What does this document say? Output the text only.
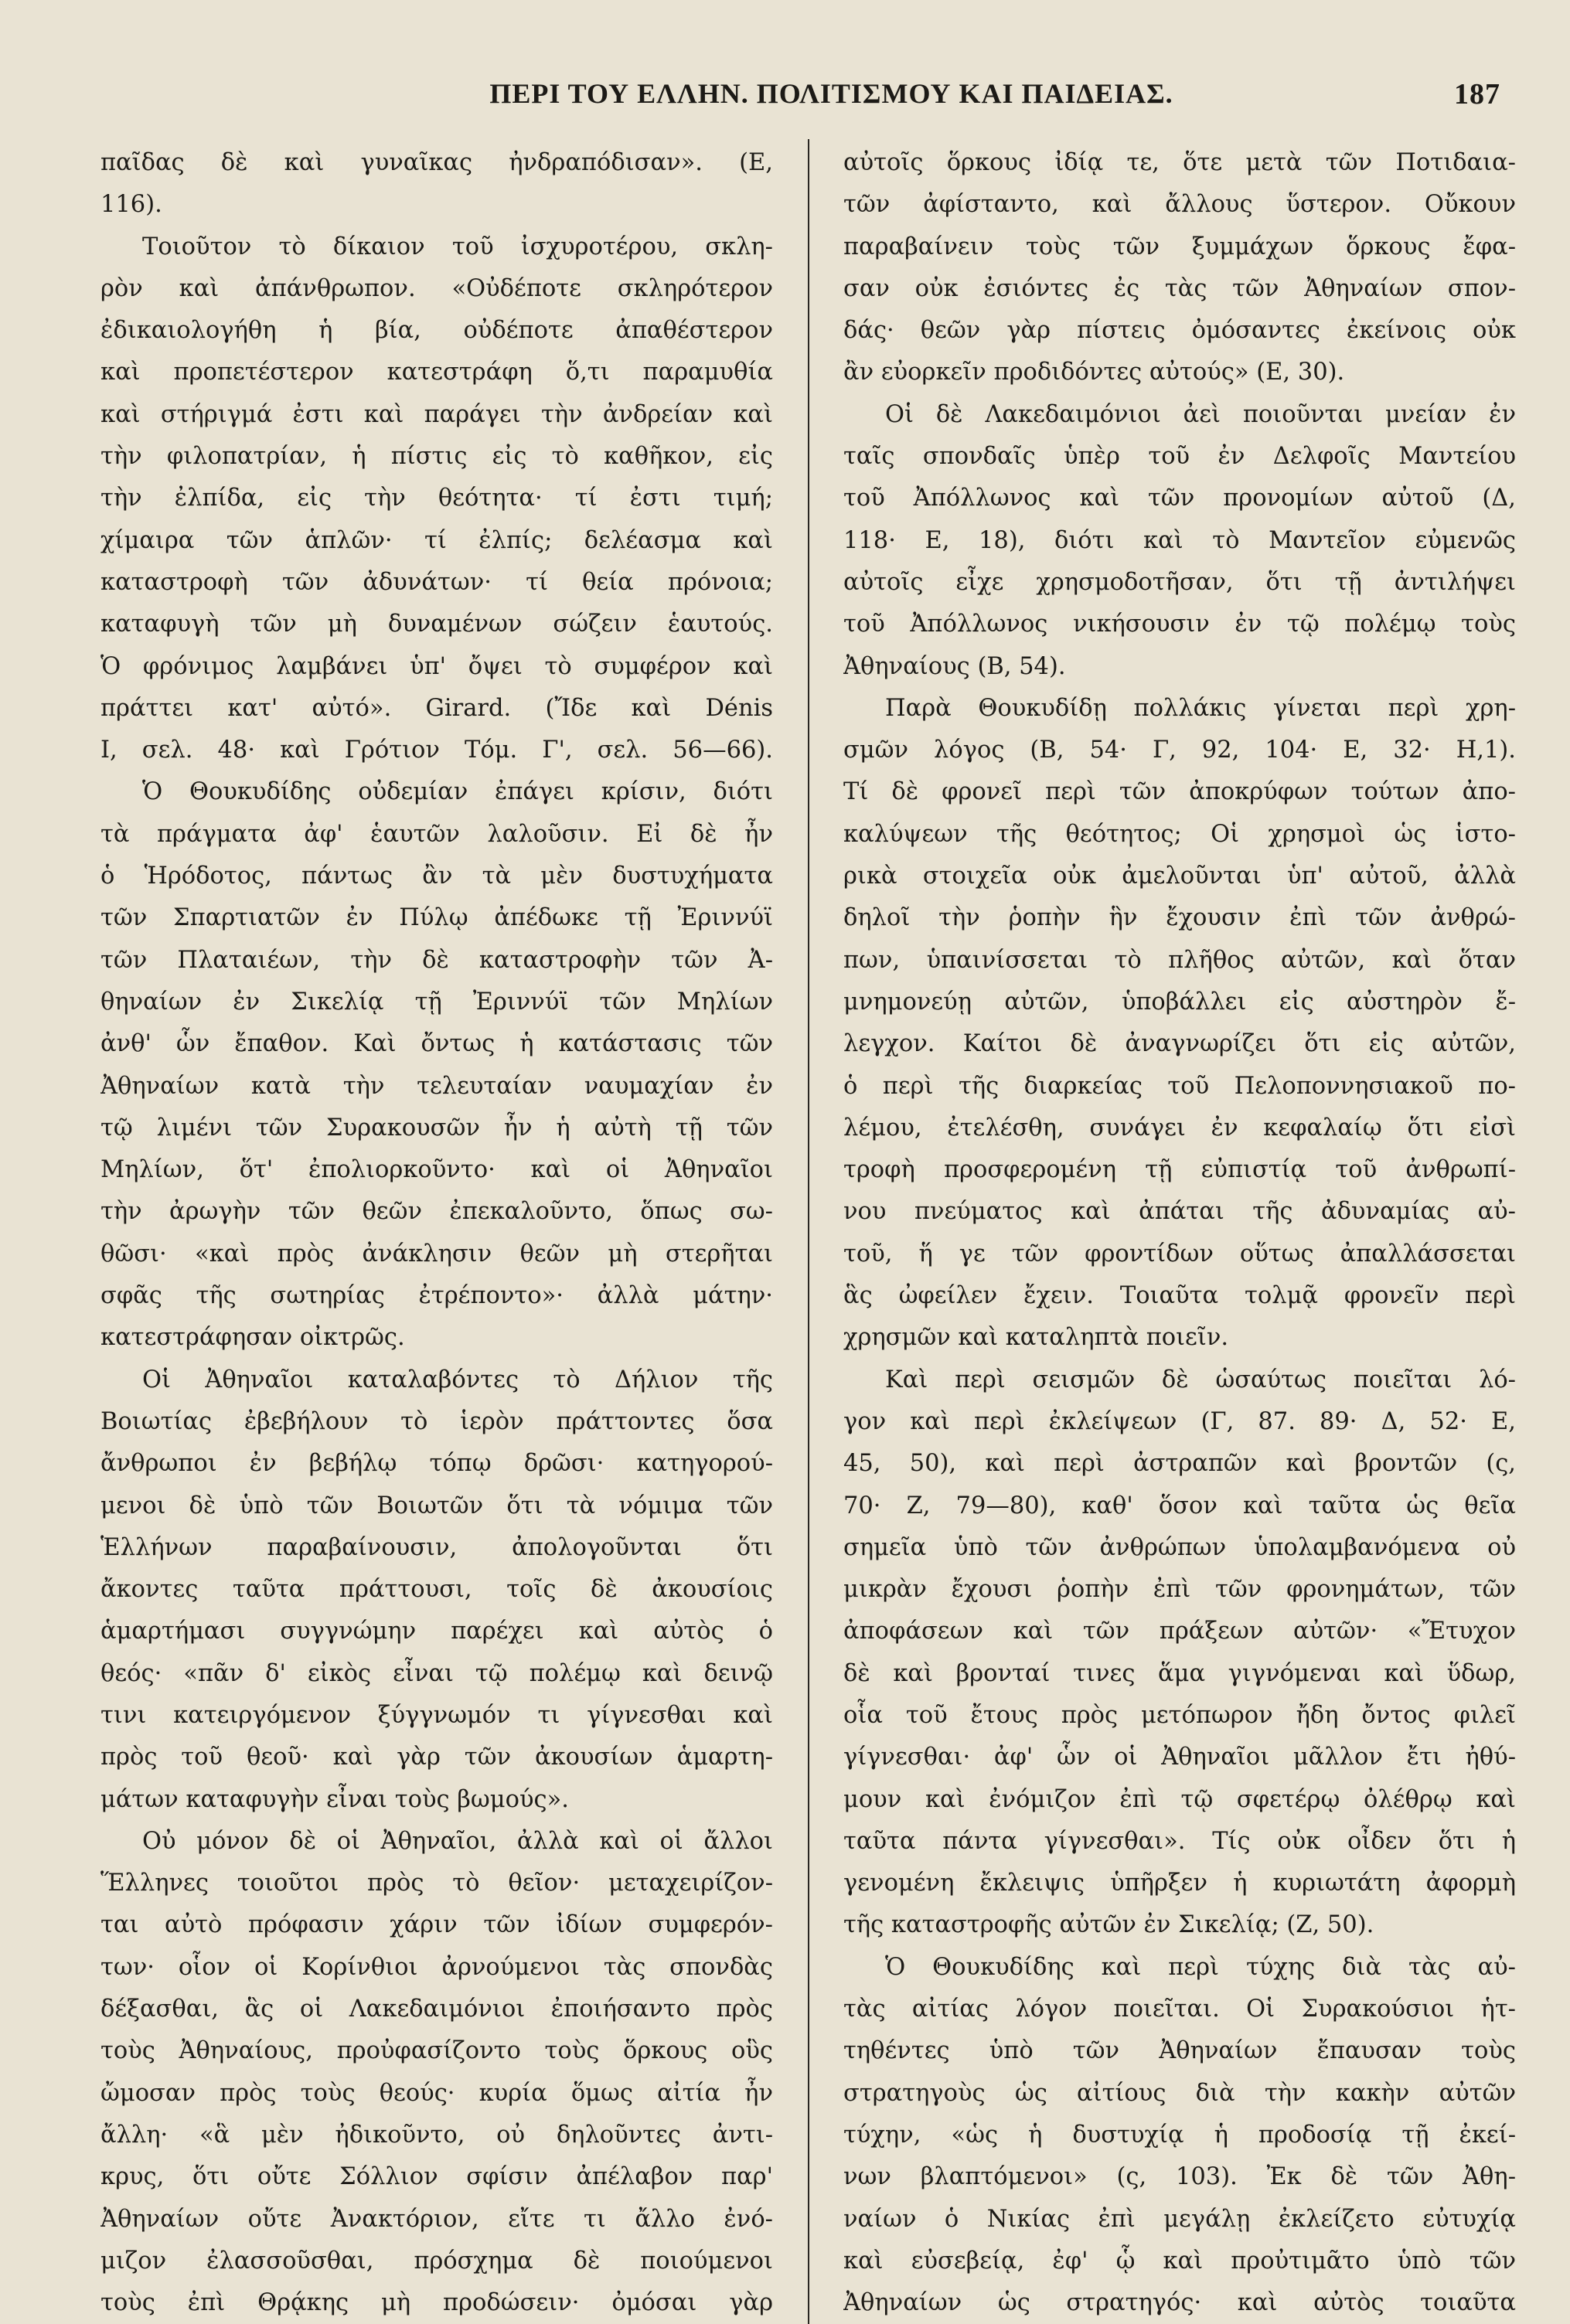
ΠΕΡΙ ΤΟΥ ΕΛΛΗΝ. ΠΟΛΙΤΙΣΜΟΥ ΚΑΙ ΠΑΙΔΕΙΑΣ.	187
παῖδας δὲ καὶ γυναῖκας ἠνδραπόδισαν». (Ε,
116).
Τοιοῦτον τὸ δίκαιον τοῦ ἰσχυροτέρου, σκλη-
ρὸν καὶ ἀπάνθρωπον. «Οὐδέποτε σκληρότερον
ἐδικαιολογήθη ἡ βία, οὐδέποτε ἀπαθέστερον
καὶ προπετέστερον κατεστράφη ὅ,τι παραμυθία
καὶ στήριγμά ἐστι καὶ παράγει τὴν ἀνδρείαν καὶ
τὴν φιλοπατρίαν, ἡ πίστις εἰς τὸ καθῆκον, εἰς
τὴν ἐλπίδα, εἰς τὴν θεότητα· τί ἐστι τιμή;
χίμαιρα τῶν ἁπλῶν· τί ἐλπίς; δελέασμα καὶ
καταστροφὴ τῶν ἀδυνάτων· τί θεία πρόνοια;
καταφυγὴ τῶν μὴ δυναμένων σώζειν ἑαυτούς.
Ὁ φρόνιμος λαμβάνει ὑπ' ὄψει τὸ συμφέρον καὶ
πράττει κατ' αὐτό». Girard. (Ἴδε καὶ Dénis
I, σελ. 48· καὶ Γρότιον Τόμ. Γ', σελ. 56—66).
Ὁ Θουκυδίδης οὐδεμίαν ἐπάγει κρίσιν, διότι
τὰ πράγματα ἀφ' ἑαυτῶν λαλοῦσιν. Εἰ δὲ ἦν
ὁ Ἡρόδοτος, πάντως ἂν τὰ μὲν δυστυχήματα
τῶν Σπαρτιατῶν ἐν Πύλῳ ἀπέδωκε τῇ Ἐριννύϊ
τῶν Πλαταιέων, τὴν δὲ καταστροφὴν τῶν Ἀ-
θηναίων ἐν Σικελίᾳ τῇ Ἐριννύϊ τῶν Μηλίων
ἀνθ' ὧν ἔπαθον. Καὶ ὄντως ἡ κατάστασις τῶν
Ἀθηναίων κατὰ τὴν τελευταίαν ναυμαχίαν ἐν
τῷ λιμένι τῶν Συρακουσῶν ἦν ἡ αὐτὴ τῇ τῶν
Μηλίων, ὅτ' ἐπολιορκοῦντο· καὶ οἱ Ἀθηναῖοι
τὴν ἀρωγὴν τῶν θεῶν ἐπεκαλοῦντο, ὅπως σω-
θῶσι· «καὶ πρὸς ἀνάκλησιν θεῶν μὴ στερῆται
σφᾶς τῆς σωτηρίας ἐτρέποντο»· ἀλλὰ μάτην·
κατεστράφησαν οἰκτρῶς.
Οἱ Ἀθηναῖοι καταλαβόντες τὸ Δήλιον τῆς
Βοιωτίας ἐβεβήλουν τὸ ἱερὸν πράττοντες ὅσα
ἄνθρωποι ἐν βεβήλῳ τόπῳ δρῶσι· κατηγορού-
μενοι δὲ ὑπὸ τῶν Βοιωτῶν ὅτι τὰ νόμιμα τῶν
Ἑλλήνων παραβαίνουσιν, ἀπολογοῦνται ὅτι
ἄκοντες ταῦτα πράττουσι, τοῖς δὲ ἀκουσίοις
ἁμαρτήμασι συγγνώμην παρέχει καὶ αὐτὸς ὁ
θεός· «πᾶν δ' εἰκὸς εἶναι τῷ πολέμῳ καὶ δεινῷ
τινι κατειργόμενον ξύγγνωμόν τι γίγνεσθαι καὶ
πρὸς τοῦ θεοῦ· καὶ γὰρ τῶν ἀκουσίων ἁμαρτη-
μάτων καταφυγὴν εἶναι τοὺς βωμούς».
Οὐ μόνον δὲ οἱ Ἀθηναῖοι, ἀλλὰ καὶ οἱ ἄλλοι
Ἕλληνες τοιοῦτοι πρὸς τὸ θεῖον· μεταχειρίζον-
ται αὐτὸ πρόφασιν χάριν τῶν ἰδίων συμφερόν-
των· οἷον οἱ Κορίνθιοι ἀρνούμενοι τὰς σπονδὰς
δέξασθαι, ἃς οἱ Λακεδαιμόνιοι ἐποιήσαντο πρὸς
τοὺς Ἀθηναίους, προὐφασίζοντο τοὺς ὅρκους οὓς
ὤμοσαν πρὸς τοὺς θεούς· κυρία ὅμως αἰτία ἦν
ἄλλη· «ἃ μὲν ἠδικοῦντο, οὐ δηλοῦντες ἀντι-
κρυς, ὅτι οὔτε Σόλλιον σφίσιν ἀπέλαβον παρ'
Ἀθηναίων οὔτε Ἀνακτόριον, εἴτε τι ἄλλο ἐνό-
μιζον ἐλασσοῦσθαι, πρόσχημα δὲ ποιούμενοι
τοὺς ἐπὶ Θρᾴκης μὴ προδώσειν· ὀμόσαι γὰρ
αὐτοῖς ὅρκους ἰδίᾳ τε, ὅτε μετὰ τῶν Ποτιδαια-
τῶν ἀφίσταντο, καὶ ἄλλους ὕστερον. Οὔκουν
παραβαίνειν τοὺς τῶν ξυμμάχων ὅρκους ἔφα-
σαν οὐκ ἐσιόντες ἐς τὰς τῶν Ἀθηναίων σπον-
δάς· θεῶν γὰρ πίστεις ὀμόσαντες ἐκείνοις οὐκ
ἂν εὐορκεῖν προδιδόντες αὐτούς» (Ε, 30).
Οἱ δὲ Λακεδαιμόνιοι ἀεὶ ποιοῦνται μνείαν ἐν
ταῖς σπονδαῖς ὑπὲρ τοῦ ἐν Δελφοῖς Μαντείου
τοῦ Ἀπόλλωνος καὶ τῶν προνομίων αὐτοῦ (Δ,
118· Ε, 18), διότι καὶ τὸ Μαντεῖον εὐμενῶς
αὐτοῖς εἶχε χρησμοδοτῆσαν, ὅτι τῇ ἀντιλήψει
τοῦ Ἀπόλλωνος νικήσουσιν ἐν τῷ πολέμῳ τοὺς
Ἀθηναίους (Β, 54).
Παρὰ Θουκυδίδῃ πολλάκις γίνεται περὶ χρη-
σμῶν λόγος (Β, 54· Γ, 92, 104· Ε, 32· Η,1).
Τί δὲ φρονεῖ περὶ τῶν ἀποκρύφων τούτων ἀπο-
καλύψεων τῆς θεότητος; Οἱ χρησμοὶ ὡς ἱστο-
ρικὰ στοιχεῖα οὐκ ἀμελοῦνται ὑπ' αὐτοῦ, ἀλλὰ
δηλοῖ τὴν ῥοπὴν ἣν ἔχουσιν ἐπὶ τῶν ἀνθρώ-
πων, ὑπαινίσσεται τὸ πλῆθος αὐτῶν, καὶ ὅταν
μνημονεύῃ αὐτῶν, ὑποβάλλει εἰς αὐστηρὸν ἔ-
λεγχον. Καίτοι δὲ ἀναγνωρίζει ὅτι εἰς αὐτῶν,
ὁ περὶ τῆς διαρκείας τοῦ Πελοποννησιακοῦ πο-
λέμου, ἐτελέσθη, συνάγει ἐν κεφαλαίῳ ὅτι εἰσὶ
τροφὴ προσφερομένη τῇ εὐπιστίᾳ τοῦ ἀνθρωπί-
νου πνεύματος καὶ ἀπάται τῆς ἀδυναμίας αὐ-
τοῦ, ἥ γε τῶν φροντίδων οὕτως ἀπαλλάσσεται
ἃς ὠφείλεν ἔχειν. Τοιαῦτα τολμᾷ φρονεῖν περὶ
χρησμῶν καὶ καταληπτὰ ποιεῖν.
Καὶ περὶ σεισμῶν δὲ ὡσαύτως ποιεῖται λό-
γον καὶ περὶ ἐκλείψεων (Γ, 87. 89· Δ, 52· Ε,
45, 50), καὶ περὶ ἀστραπῶν καὶ βροντῶν (ς,
70· Ζ, 79—80), καθ' ὅσον καὶ ταῦτα ὡς θεῖα
σημεῖα ὑπὸ τῶν ἀνθρώπων ὑπολαμβανόμενα οὐ
μικρὰν ἔχουσι ῥοπὴν ἐπὶ τῶν φρονημάτων, τῶν
ἀποφάσεων καὶ τῶν πράξεων αὐτῶν· «Ἔτυχον
δὲ καὶ βρονταί τινες ἅμα γιγνόμεναι καὶ ὕδωρ,
οἷα τοῦ ἔτους πρὸς μετόπωρον ἤδη ὄντος φιλεῖ
γίγνεσθαι· ἀφ' ὧν οἱ Ἀθηναῖοι μᾶλλον ἔτι ἠθύ-
μουν καὶ ἐνόμιζον ἐπὶ τῷ σφετέρῳ ὀλέθρῳ καὶ
ταῦτα πάντα γίγνεσθαι». Τίς οὐκ οἶδεν ὅτι ἡ
γενομένη ἔκλειψις ὑπῆρξεν ἡ κυριωτάτη ἀφορμὴ
τῆς καταστροφῆς αὐτῶν ἐν Σικελίᾳ; (Ζ, 50).
Ὁ Θουκυδίδης καὶ περὶ τύχης διὰ τὰς αὐ-
τὰς αἰτίας λόγον ποιεῖται. Οἱ Συρακούσιοι ἡτ-
τηθέντες ὑπὸ τῶν Ἀθηναίων ἔπαυσαν τοὺς
στρατηγοὺς ὡς αἰτίους διὰ τὴν κακὴν αὐτῶν
τύχην, «ὡς ἡ δυστυχίᾳ ἡ προδοσίᾳ τῇ ἐκεί-
νων βλαπτόμενοι» (ς, 103). Ἐκ δὲ τῶν Ἀθη-
ναίων ὁ Νικίας ἐπὶ μεγάλῃ ἐκλείζετο εὐτυχίᾳ
καὶ εὐσεβείᾳ, ἐφ' ᾧ καὶ προὐτιμᾶτο ὑπὸ τῶν
Ἀθηναίων ὡς στρατηγός· καὶ αὐτὸς τοιαῦτα
